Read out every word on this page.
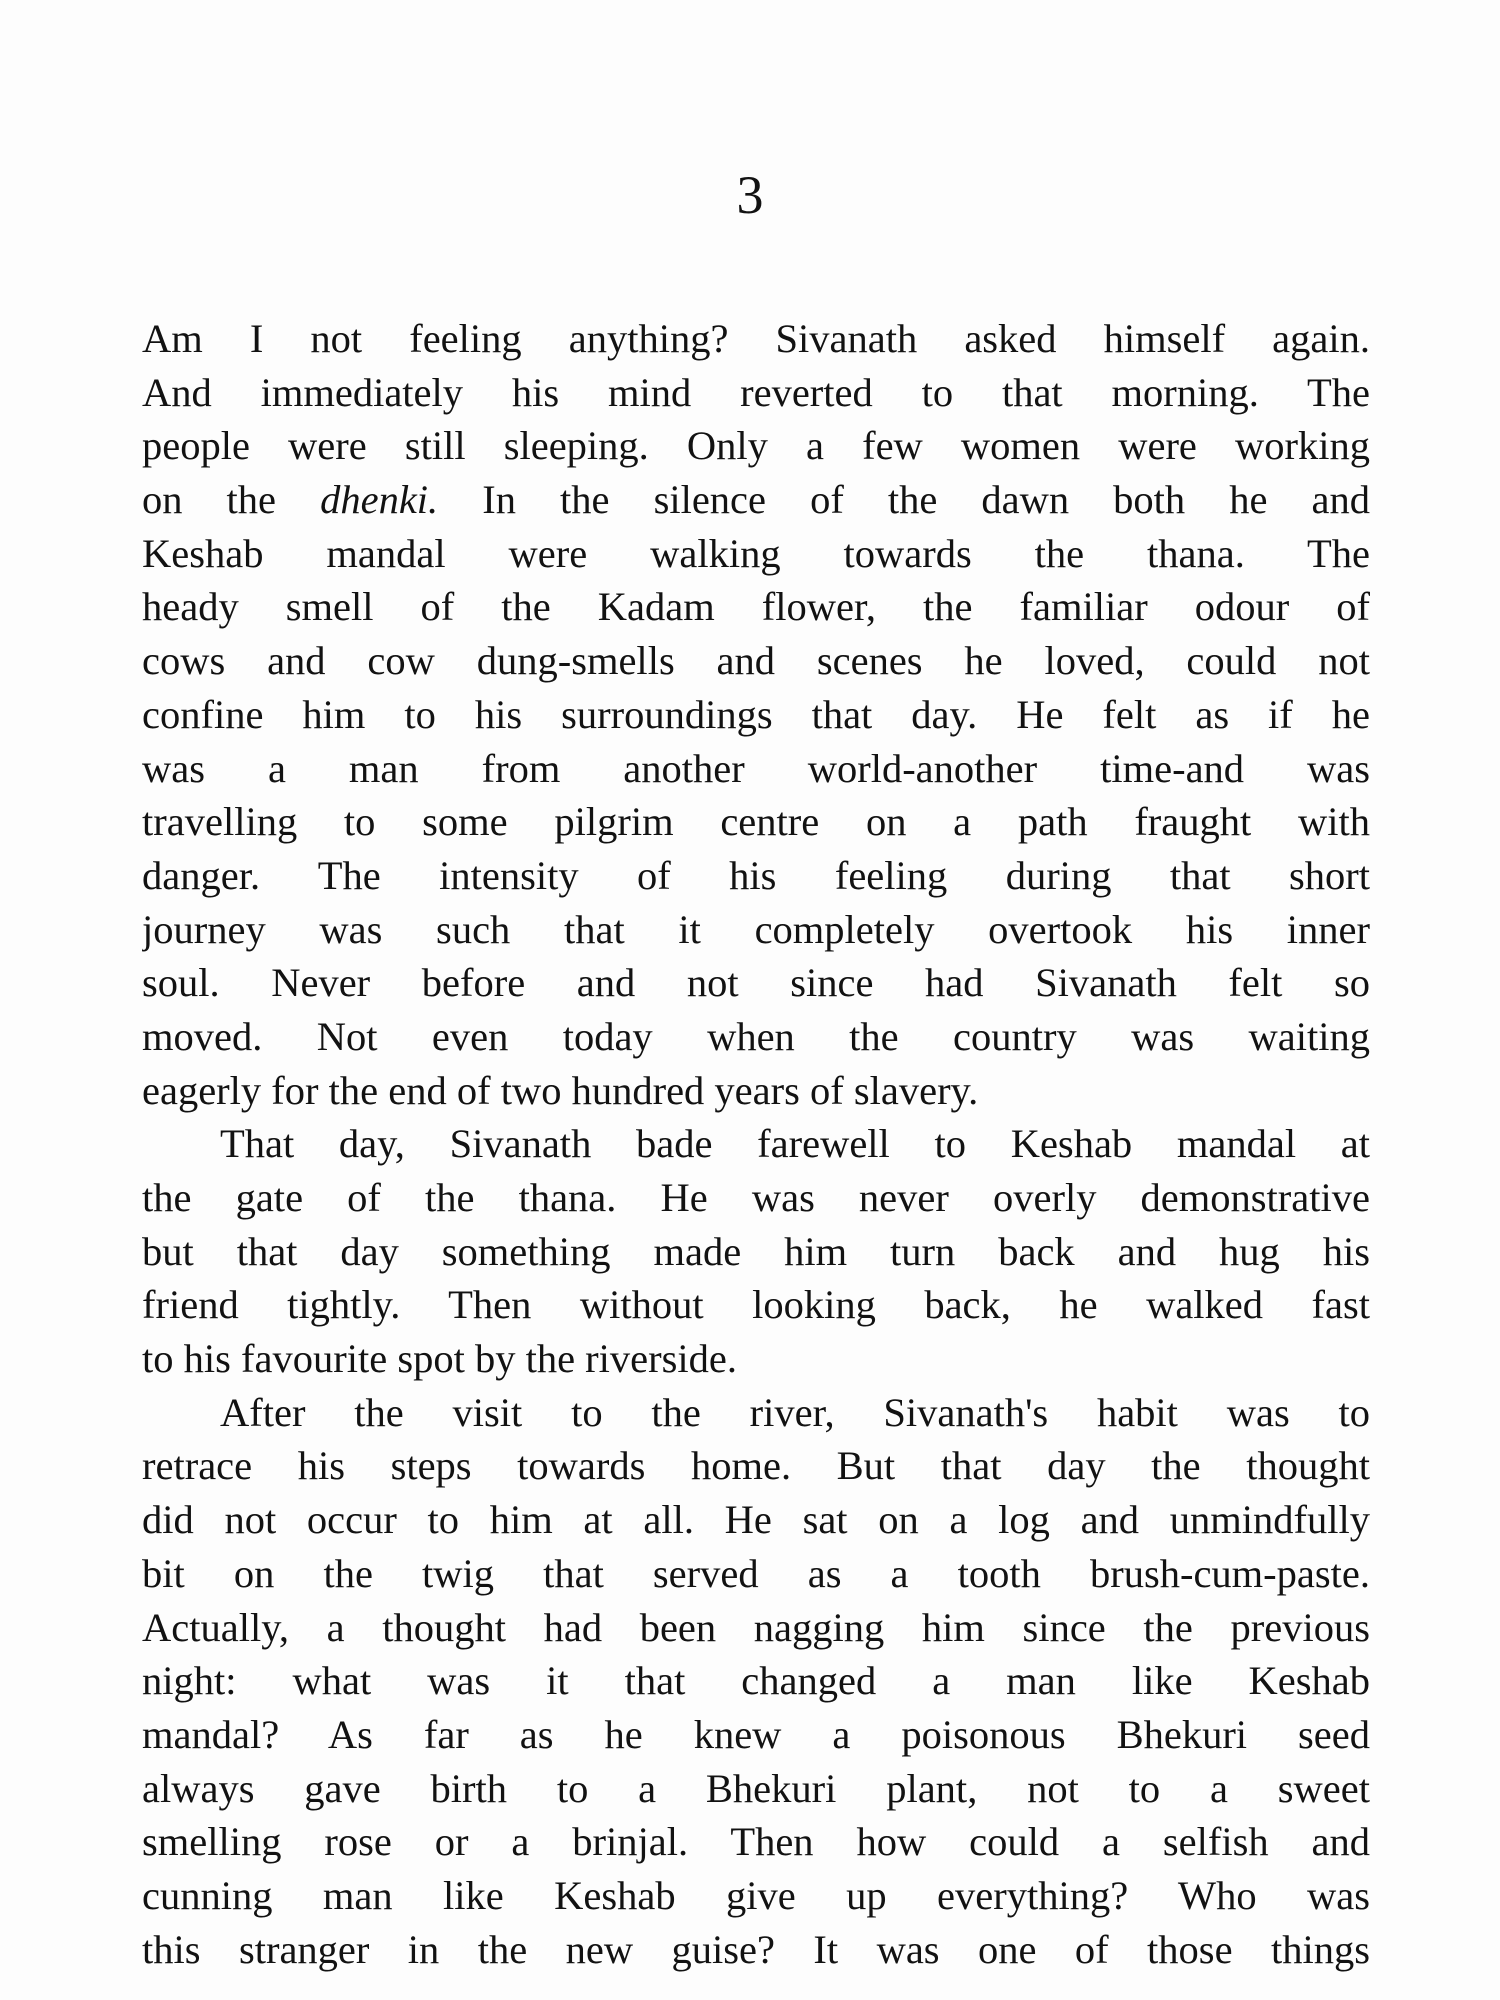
3
Am I not feeling anything? Sivanath asked himself again.
And immediately his mind reverted to that morning. The
people were still sleeping. Only a few women were working
on the dhenki. In the silence of the dawn both he and
Keshab mandal were walking towards the thana. The
heady smell of the Kadam flower, the familiar odour of
cows and cow dung-smells and scenes he loved, could not
confine him to his surroundings that day. He felt as if he
was a man from another world-another time-and was
travelling to some pilgrim centre on a path fraught with
danger. The intensity of his feeling during that short
journey was such that it completely overtook his inner
soul. Never before and not since had Sivanath felt so
moved. Not even today when the country was waiting
eagerly for the end of two hundred years of slavery.
That day, Sivanath bade farewell to Keshab mandal at
the gate of the thana. He was never overly demonstrative
but that day something made him turn back and hug his
friend tightly. Then without looking back, he walked fast
to his favourite spot by the riverside.
After the visit to the river, Sivanath's habit was to
retrace his steps towards home. But that day the thought
did not occur to him at all. He sat on a log and unmindfully
bit on the twig that served as a tooth brush-cum-paste.
Actually, a thought had been nagging him since the previous
night: what was it that changed a man like Keshab
mandal? As far as he knew a poisonous Bhekuri seed
always gave birth to a Bhekuri plant, not to a sweet
smelling rose or a brinjal. Then how could a selfish and
cunning man like Keshab give up everything? Who was
this stranger in the new guise? It was one of those things
